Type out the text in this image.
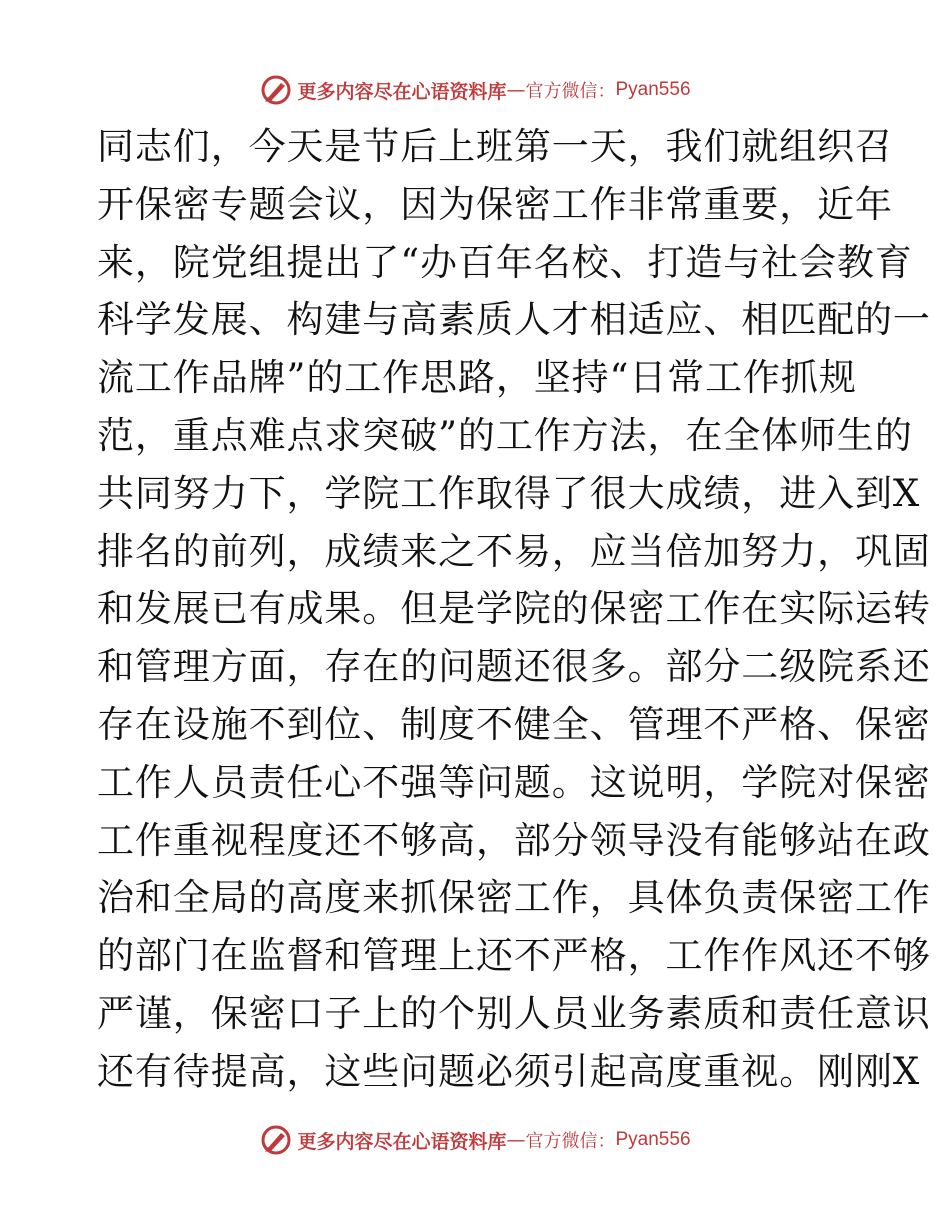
更多内容尽在心语资料库 — 官方微信： Pyan556
同志们，今天是节后上班第一天，我们就组织召
开保密专题会议，因为保密工作非常重要，近年
来，院党组提出了“办百年名校、打造与社会教育
科学发展、构建与高素质人才相适应、相匹配的一
流工作品牌”的工作思路，坚持“日常工作抓规
范，重点难点求突破”的工作方法，在全体师生的
共同努力下，学院工作取得了很大成绩，进入到X
排名的前列，成绩来之不易，应当倍加努力，巩固
和发展已有成果。但是学院的保密工作在实际运转
和管理方面，存在的问题还很多。部分二级院系还
存在设施不到位、制度不健全、管理不严格、保密
工作人员责任心不强等问题。这说明，学院对保密
工作重视程度还不够高，部分领导没有能够站在政
治和全局的高度来抓保密工作，具体负责保密工作
的部门在监督和管理上还不严格，工作作风还不够
严谨，保密口子上的个别人员业务素质和责任意识
还有待提高，这些问题必须引起高度重视。刚刚X
更多内容尽在心语资料库 — 官方微信： Pyan556
